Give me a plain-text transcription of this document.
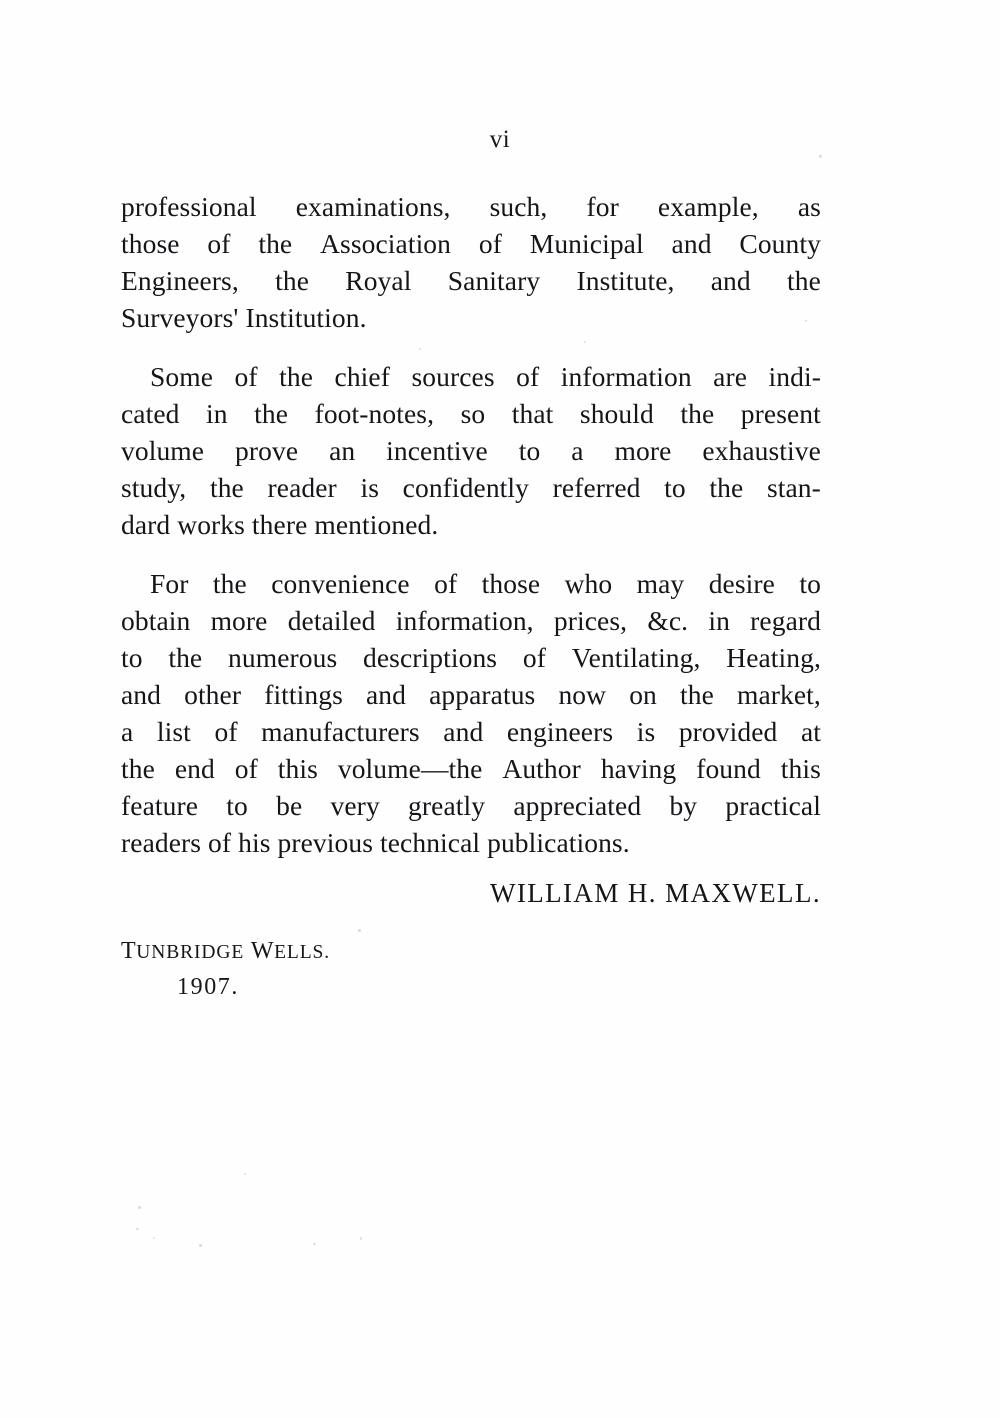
vi
professional examinations, such, for example, as
those of the Association of Municipal and County
Engineers, the Royal Sanitary Institute, and the
Surveyors' Institution.
Some of the chief sources of information are indi-
cated in the foot-notes, so that should the present
volume prove an incentive to a more exhaustive
study, the reader is confidently referred to the stan-
dard works there mentioned.
For the convenience of those who may desire to
obtain more detailed information, prices, &c. in regard
to the numerous descriptions of Ventilating, Heating,
and other fittings and apparatus now on the market,
a list of manufacturers and engineers is provided at
the end of this volume—the Author having found this
feature to be very greatly appreciated by practical
readers of his previous technical publications.
WILLIAM H. MAXWELL.
TUNBRIDGE WELLS.
1907.
